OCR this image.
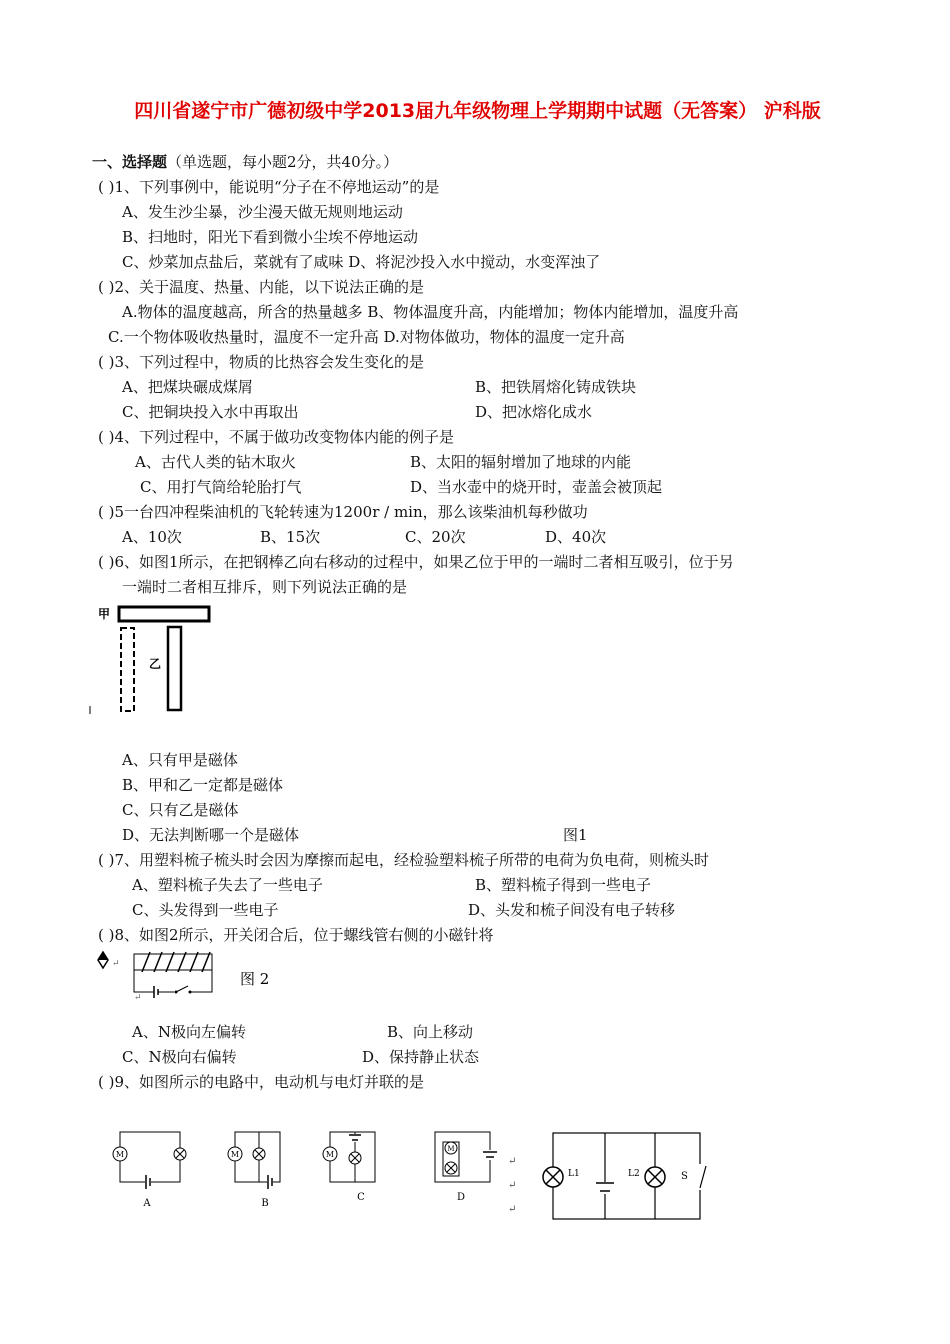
四川省遂宁市广德初级中学2013届九年级物理上学期期中试题（无答案） 沪科版
一、选择题（单选题，每小题2分，共40分。）
( )1、下列事例中，能说明“分子在不停地运动”的是
A、发生沙尘暴，沙尘漫天做无规则地运动
B、扫地时，阳光下看到微小尘埃不停地运动
C、炒菜加点盐后，菜就有了咸味 D、将泥沙投入水中搅动，水变浑浊了
( )2、关于温度、热量、内能，以下说法正确的是
A.物体的温度越高，所含的热量越多 B、物体温度升高，内能增加；物体内能增加，温度升高
C.一个物体吸收热量时，温度不一定升高 D.对物体做功，物体的温度一定升高
( )3、下列过程中，物质的比热容会发生变化的是
A、把煤块碾成煤屑	B、把铁屑熔化铸成铁块
C、把铜块投入水中再取出	D、把冰熔化成水
( )4、下列过程中，不属于做功改变物体内能的例子是
A、古代人类的钻木取火	B、太阳的辐射增加了地球的内能
C、用打气筒给轮胎打气	D、当水壶中的烧开时，壶盖会被顶起
( )5一台四冲程柴油机的飞轮转速为1200r / min，那么该柴油机每秒做功
A、10次	B、15次	C、20次	D、40次
( )6、如图1所示，在把钢棒乙向右移动的过程中，如果乙位于甲的一端时二者相互吸引，位于另
一端时二者相互排斥，则下列说法正确的是
甲
乙
A、只有甲是磁体
B、甲和乙一定都是磁体
C、只有乙是磁体
D、无法判断哪一个是磁体	图1
( )7、用塑料梳子梳头时会因为摩擦而起电，经检验塑料梳子所带的电荷为负电荷，则梳头时
A、塑料梳子失去了一些电子	B、塑料梳子得到一些电子
C、头发得到一些电子	D、头发和梳子间没有电子转移
( )8、如图2所示，开关闭合后，位于螺线管右侧的小磁针将
↵
图 2
↵
A、N极向左偏转	B、向上移动
C、N极向右偏转	D、保持静止状态
( )9、如图所示的电路中，电动机与电灯并联的是
M
A
M
B
M
C
M
D
↵
↵
↵
L1	L2	S
